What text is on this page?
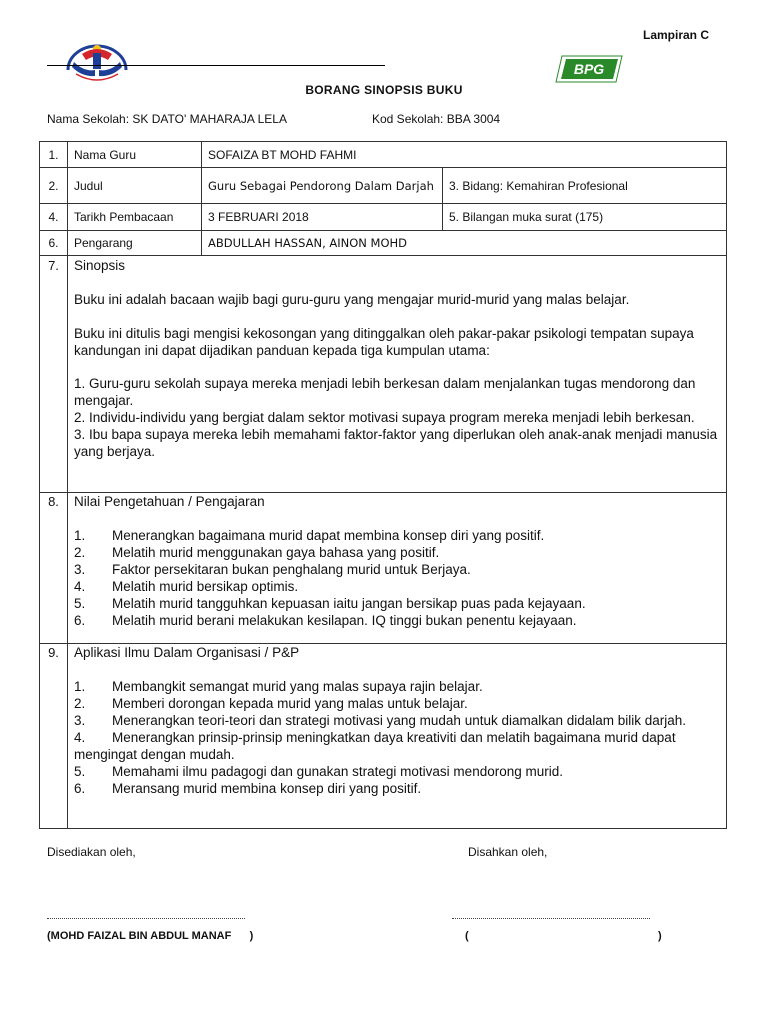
Lampiran C
BPG
BORANG SINOPSIS BUKU
Nama Sekolah: SK DATO' MAHARAJA LELA	Kod Sekolah: BBA 3004
1.	Nama Guru	SOFAIZA BT MOHD FAHMI
2.	Judul	Guru Sebagai Pendorong Dalam Darjah	3. Bidang: Kemahiran Profesional
4.	Tarikh Pembacaan	3 FEBRUARI 2018	5. Bilangan muka surat (175)
6.	Pengarang	ABDULLAH HASSAN, AINON MOHD
7.	Sinopsis
Buku ini adalah bacaan wajib bagi guru-guru yang mengajar murid-murid yang malas belajar.
Buku ini ditulis bagi mengisi kekosongan yang ditinggalkan oleh pakar-pakar psikologi tempatan supaya kandungan ini dapat dijadikan panduan kepada tiga kumpulan utama:

1. Guru-guru sekolah supaya mereka menjadi lebih berkesan dalam menjalankan tugas mendorong dan mengajar.

2. Individu-individu yang bergiat dalam sektor motivasi supaya program mereka menjadi lebih berkesan.

3. Ibu bapa supaya mereka lebih memahami faktor-faktor yang diperlukan oleh anak-anak menjadi manusia yang berjaya.

8.	Nilai Pengetahuan / Pengajaran
1. Menerangkan bagaimana murid dapat membina konsep diri yang positif.
2. Melatih murid menggunakan gaya bahasa yang positif.
3. Faktor persekitaran bukan penghalang murid untuk Berjaya.
4. Melatih murid bersikap optimis.
5. Melatih murid tangguhkan kepuasan iaitu jangan bersikap puas pada kejayaan.
6. Melatih murid berani melakukan kesilapan. IQ tinggi bukan penentu kejayaan.
9.	Aplikasi Ilmu Dalam Organisasi / P&P
1. Membangkit semangat murid yang malas supaya rajin belajar.
2. Memberi dorongan kepada murid yang malas untuk belajar.
3. Menerangkan teori-teori dan strategi motivasi yang mudah untuk diamalkan didalam bilik darjah.
4. Menerangkan prinsip-prinsip meningkatkan daya kreativiti dan melatih bagaimana murid dapat mengingat dengan mudah.
5. Memahami ilmu padagogi dan gunakan strategi motivasi mendorong murid.
6. Meransang murid membina konsep diri yang positif.
Disediakan oleh,	Disahkan oleh,
(MOHD FAIZAL BIN ABDUL MANAF      )	(	)
